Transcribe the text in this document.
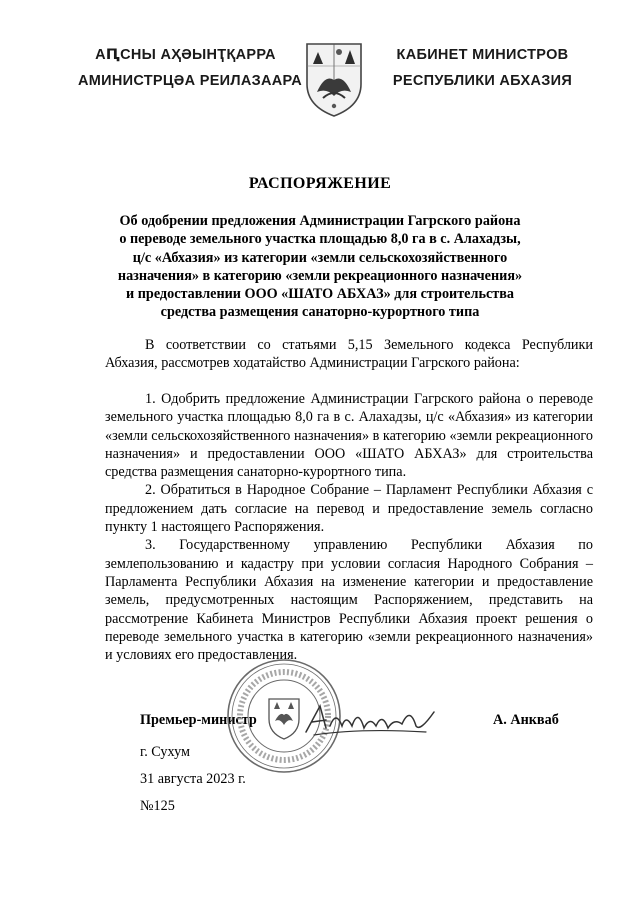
АԤСНЫ АҲӘЫНҬҚАРРА
АМИНИСТРЦӘА РЕИЛАЗААРА
КАБИНЕТ МИНИСТРОВ
РЕСПУБЛИКИ АБХАЗИЯ
РАСПОРЯЖЕНИЕ
Об одобрении предложения Администрации Гагрского района
о переводе земельного участка площадью 8,0 га в с. Алахадзы,
ц/с «Абхазия» из категории «земли сельскохозяйственного
назначения» в категорию «земли рекреационного назначения»
и предоставлении ООО «ШАТО АБХАЗ» для строительства
средства размещения санаторно-курортного типа
В соответствии со статьями 5,15 Земельного кодекса Республики Абхазия, рассмотрев ходатайство Администрации Гагрского района:

1. Одобрить предложение Администрации Гагрского района о переводе земельного участка площадью 8,0 га в с. Алахадзы, ц/с «Абхазия» из категории «земли сельскохозяйственного назначения» в категорию «земли рекреационного назначения» и предоставлении ООО «ШАТО АБХАЗ» для строительства средства размещения санаторно-курортного типа.

2. Обратиться в Народное Собрание – Парламент Республики Абхазия с предложением дать согласие на перевод и предоставление земель согласно пункту 1 настоящего Распоряжения.

3. Государственному управлению Республики Абхазия по землепользованию и кадастру при условии согласия Народного Собрания – Парламента Республики Абхазия на изменение категории и предоставление земель, предусмотренных настоящим Распоряжением, представить на рассмотрение Кабинета Министров Республики Абхазия проект решения о переводе земельного участка в категорию «земли рекреационного назначения» и условиях его предоставления.

Премьер-министр	А. Анкваб
г. Сухум
31 августа 2023 г.
№125
